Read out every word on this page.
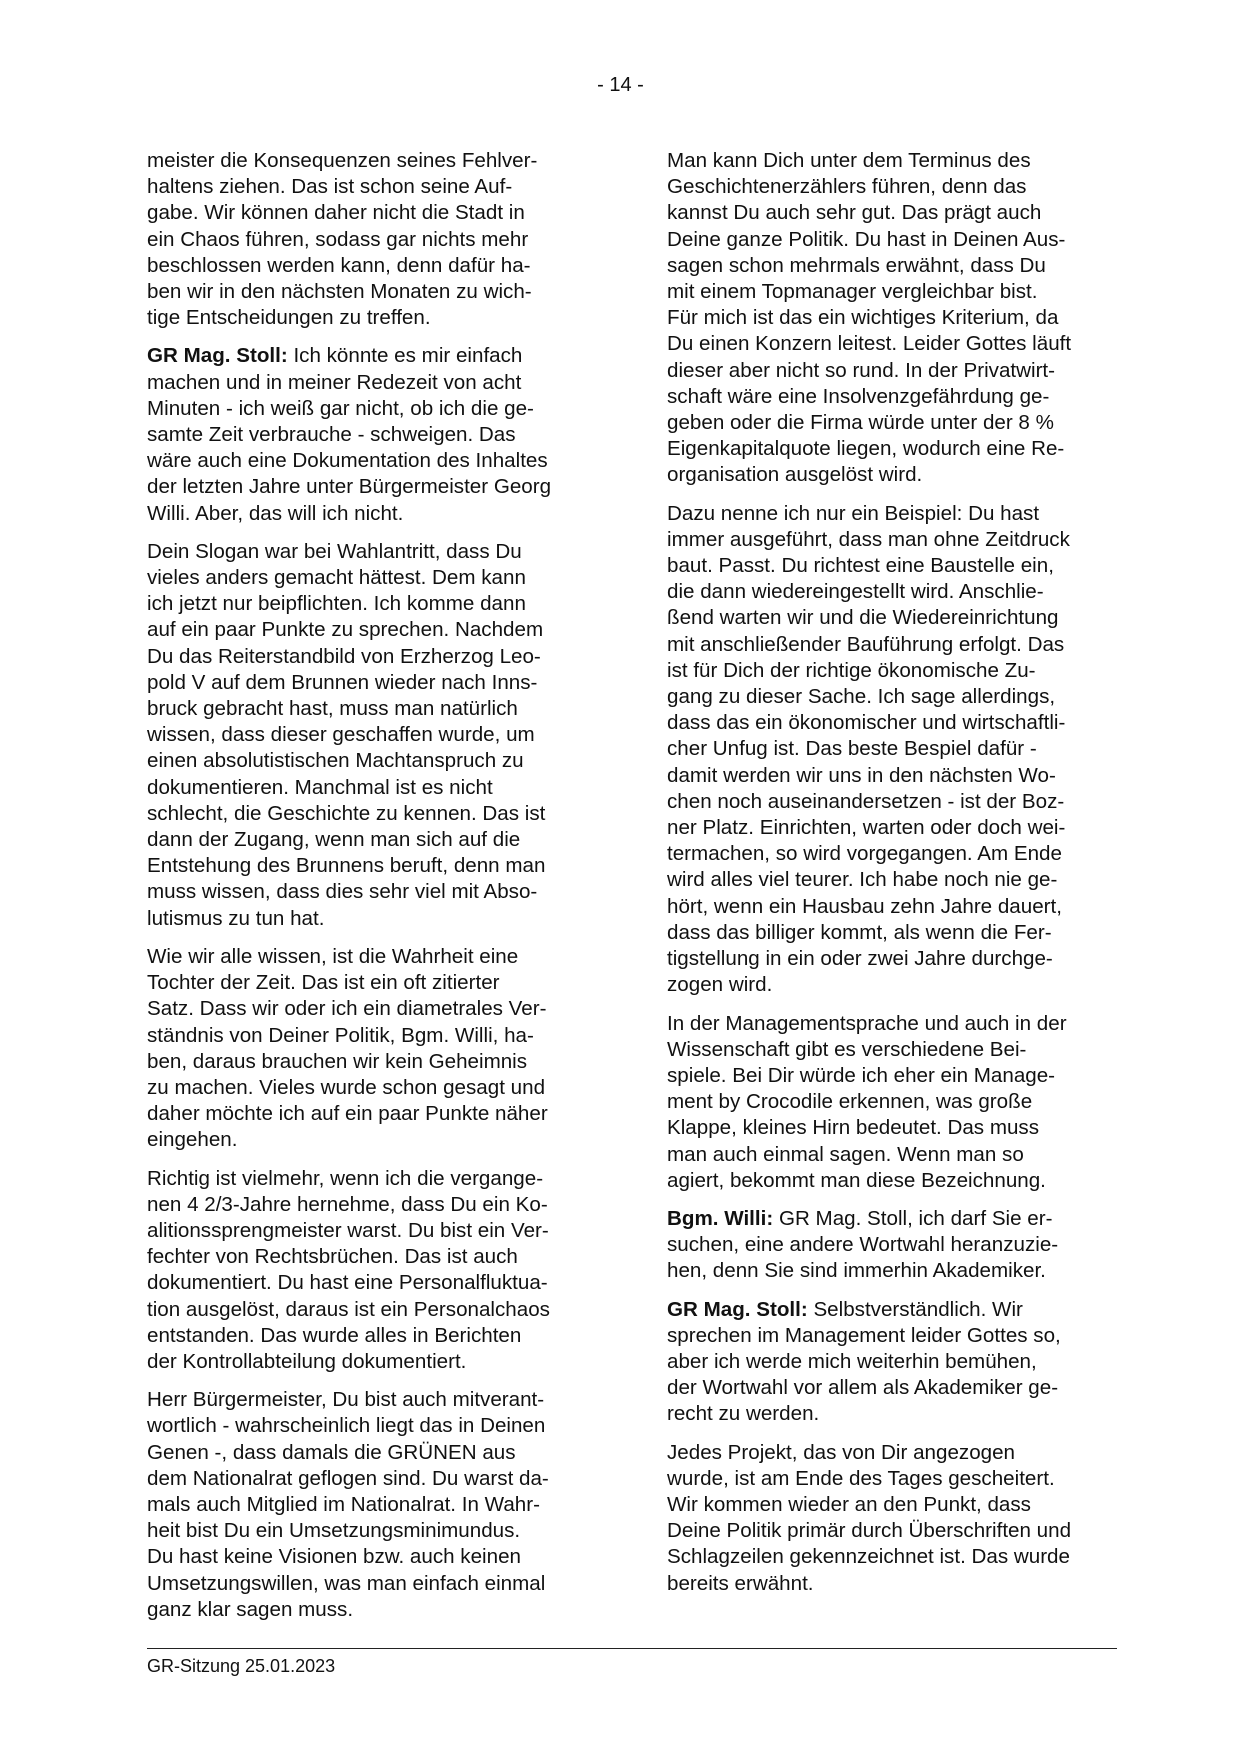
- 14 -

meister die Konsequenzen seines Fehlver-
haltens ziehen. Das ist schon seine Auf-
gabe. Wir können daher nicht die Stadt in
ein Chaos führen, sodass gar nichts mehr
beschlossen werden kann, denn dafür ha-
ben wir in den nächsten Monaten zu wich-
tige Entscheidungen zu treffen.

GR Mag. Stoll: Ich könnte es mir einfach
machen und in meiner Redezeit von acht
Minuten - ich weiß gar nicht, ob ich die ge-
samte Zeit verbrauche - schweigen. Das
wäre auch eine Dokumentation des Inhaltes
der letzten Jahre unter Bürgermeister Georg
Willi. Aber, das will ich nicht.

Dein Slogan war bei Wahlantritt, dass Du
vieles anders gemacht hättest. Dem kann
ich jetzt nur beipflichten. Ich komme dann
auf ein paar Punkte zu sprechen. Nachdem
Du das Reiterstandbild von Erzherzog Leo-
pold V auf dem Brunnen wieder nach Inns-
bruck gebracht hast, muss man natürlich
wissen, dass dieser geschaffen wurde, um
einen absolutistischen Machtanspruch zu
dokumentieren. Manchmal ist es nicht
schlecht, die Geschichte zu kennen. Das ist
dann der Zugang, wenn man sich auf die
Entstehung des Brunnens beruft, denn man
muss wissen, dass dies sehr viel mit Abso-
lutismus zu tun hat.

Wie wir alle wissen, ist die Wahrheit eine
Tochter der Zeit. Das ist ein oft zitierter
Satz. Dass wir oder ich ein diametrales Ver-
ständnis von Deiner Politik, Bgm. Willi, ha-
ben, daraus brauchen wir kein Geheimnis
zu machen. Vieles wurde schon gesagt und
daher möchte ich auf ein paar Punkte näher
eingehen.

Richtig ist vielmehr, wenn ich die vergange-
nen 4 2/3-Jahre hernehme, dass Du ein Ko-
alitionssprengmeister warst. Du bist ein Ver-
fechter von Rechtsbrüchen. Das ist auch
dokumentiert. Du hast eine Personalfluktua-
tion ausgelöst, daraus ist ein Personalchaos
entstanden. Das wurde alles in Berichten
der Kontrollabteilung dokumentiert.

Herr Bürgermeister, Du bist auch mitverant-
wortlich - wahrscheinlich liegt das in Deinen
Genen -, dass damals die GRÜNEN aus
dem Nationalrat geflogen sind. Du warst da-
mals auch Mitglied im Nationalrat. In Wahr-
heit bist Du ein Umsetzungsminimundus.
Du hast keine Visionen bzw. auch keinen
Umsetzungswillen, was man einfach einmal
ganz klar sagen muss.

Man kann Dich unter dem Terminus des
Geschichtenerzählers führen, denn das
kannst Du auch sehr gut. Das prägt auch
Deine ganze Politik. Du hast in Deinen Aus-
sagen schon mehrmals erwähnt, dass Du
mit einem Topmanager vergleichbar bist.
Für mich ist das ein wichtiges Kriterium, da
Du einen Konzern leitest. Leider Gottes läuft
dieser aber nicht so rund. In der Privatwirt-
schaft wäre eine Insolvenzgefährdung ge-
geben oder die Firma würde unter der 8 %
Eigenkapitalquote liegen, wodurch eine Re-
organisation ausgelöst wird.

Dazu nenne ich nur ein Beispiel: Du hast
immer ausgeführt, dass man ohne Zeitdruck
baut. Passt. Du richtest eine Baustelle ein,
die dann wiedereingestellt wird. Anschlie-
ßend warten wir und die Wiedereinrichtung
mit anschließender Bauführung erfolgt. Das
ist für Dich der richtige ökonomische Zu-
gang zu dieser Sache. Ich sage allerdings,
dass das ein ökonomischer und wirtschaftli-
cher Unfug ist. Das beste Bespiel dafür -
damit werden wir uns in den nächsten Wo-
chen noch auseinandersetzen - ist der Boz-
ner Platz. Einrichten, warten oder doch wei-
termachen, so wird vorgegangen. Am Ende
wird alles viel teurer. Ich habe noch nie ge-
hört, wenn ein Hausbau zehn Jahre dauert,
dass das billiger kommt, als wenn die Fer-
tigstellung in ein oder zwei Jahre durchge-
zogen wird.

In der Managementsprache und auch in der
Wissenschaft gibt es verschiedene Bei-
spiele. Bei Dir würde ich eher ein Manage-
ment by Crocodile erkennen, was große
Klappe, kleines Hirn bedeutet. Das muss
man auch einmal sagen. Wenn man so
agiert, bekommt man diese Bezeichnung.

Bgm. Willi: GR Mag. Stoll, ich darf Sie er-
suchen, eine andere Wortwahl heranzuzie-
hen, denn Sie sind immerhin Akademiker.

GR Mag. Stoll: Selbstverständlich. Wir
sprechen im Management leider Gottes so,
aber ich werde mich weiterhin bemühen,
der Wortwahl vor allem als Akademiker ge-
recht zu werden.

Jedes Projekt, das von Dir angezogen
wurde, ist am Ende des Tages gescheitert.
Wir kommen wieder an den Punkt, dass
Deine Politik primär durch Überschriften und
Schlagzeilen gekennzeichnet ist. Das wurde
bereits erwähnt.

GR-Sitzung 25.01.2023
